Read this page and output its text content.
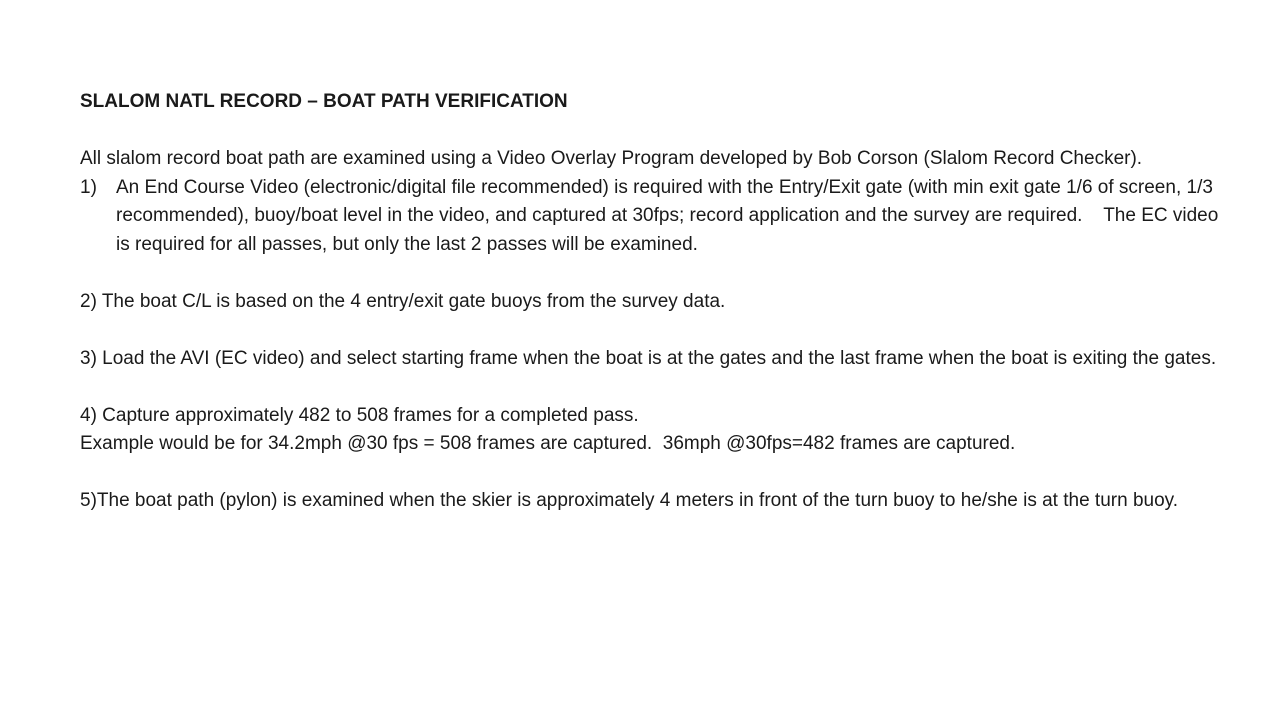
SLALOM NATL RECORD – BOAT PATH VERIFICATION

All slalom record boat path are examined using a Video Overlay Program developed by Bob Corson (Slalom Record Checker).

1)	An End Course Video (electronic/digital file recommended) is required with the Entry/Exit gate (with min exit gate 1/6 of screen, 1/3 recommended), buoy/boat level in the video, and captured at 30fps; record application and the survey are required.    The EC video is required for all passes, but only the last 2 passes will be examined.

2) The boat C/L is based on the 4 entry/exit gate buoys from the survey data.

3) Load the AVI (EC video) and select starting frame when the boat is at the gates and the last frame when the boat is exiting the gates.

4) Capture approximately 482 to 508 frames for a completed pass.

Example would be for 34.2mph @30 fps = 508 frames are captured.  36mph @30fps=482 frames are captured.

5)The boat path (pylon) is examined when the skier is approximately 4 meters in front of the turn buoy to he/she is at the turn buoy.
